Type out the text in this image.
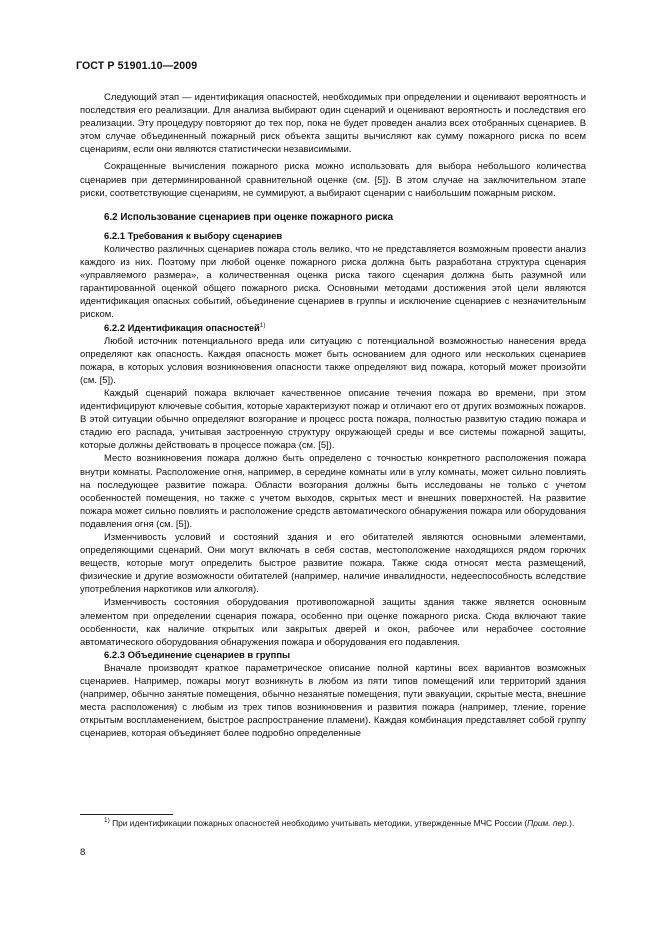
ГОСТ Р 51901.10—2009

Следующий этап — идентификация опасностей, необходимых при определении и оценивают вероятность и последствия его реализации. Для анализа выбирают один сценарий и оценивают вероятность и последствия его реализации. Эту процедуру повторяют до тех пор, пока не будет проведен анализ всех отобранных сценариев. В этом случае объединенный пожарный риск объекта защиты вычисляют как сумму пожарного риска по всем сценариям, если они являются статистически независимыми.

Сокращенные вычисления пожарного риска можно использовать для выбора небольшого количества сценариев при детерминированной сравнительной оценке (см. [5]). В этом случае на заключительном этапе риски, соответствующие сценариям, не суммируют, а выбирают сценарии с наибольшим пожарным риском.

6.2 Использование сценариев при оценке пожарного риска

6.2.1 Требования к выбору сценариев

Количество различных сценариев пожара столь велико, что не представляется возможным провести анализ каждого из них. Поэтому при любой оценке пожарного риска должна быть разработана структура сценария «управляемого размера», а количественная оценка риска такого сценария должна быть разумной или гарантированной оценкой общего пожарного риска. Основными методами достижения этой цели являются идентификация опасных событий, объединение сценариев в группы и исключение сценариев с незначительным риском.

6.2.2 Идентификация опасностей$^{1)}$

Любой источник потенциального вреда или ситуацию с потенциальной возможностью нанесения вреда определяют как опасность. Каждая опасность может быть основанием для одного или нескольких сценариев пожара, в которых условия возникновения опасности также определяют вид пожара, который может произойти (см. [5]).

Каждый сценарий пожара включает качественное описание течения пожара во времени, при этом идентифицируют ключевые события, которые характеризуют пожар и отличают его от других возможных пожаров. В этой ситуации обычно определяют возгорание и процесс роста пожара, полностью развитую стадию пожара и стадию его распада, учитывая застроенную структуру окружающей среды и все системы пожарной защиты, которые должны действовать в процессе пожара (см. [5]).

Место возникновения пожара должно быть определено с точностью конкретного расположения пожара внутри комнаты. Расположение огня, например, в середине комнаты или в углу комнаты, может сильно повлиять на последующее развитие пожара. Области возгорания должны быть исследованы не только с учетом особенностей помещения, но также с учетом выходов, скрытых мест и внешних поверхностей. На развитие пожара может сильно повлиять и расположение средств автоматического обнаружения пожара или оборудования подавления огня (см. [5]).

Изменчивость условий и состояний здания и его обитателей являются основными элементами, определяющими сценарий. Они могут включать в себя состав, местоположение находящихся рядом горючих веществ, которые могут определить быстрое развитие пожара. Также сюда относят места размещений, физические и другие возможности обитателей (например, наличие инвалидности, недееспособность вследствие употребления наркотиков или алкоголя).

Изменчивость состояния оборудования противопожарной защиты здания также является основным элементом при определении сценария пожара, особенно при оценке пожарного риска. Сюда включают такие особенности, как наличие открытых или закрытых дверей и окон, рабочее или нерабочее состояние автоматического оборудования обнаружения пожара и оборудования его подавления.

6.2.3 Объединение сценариев в группы

Вначале производят краткое параметрическое описание полной картины всех вариантов возможных сценариев. Например, пожары могут возникнуть в любом из пяти типов помещений или территорий здания (например, обычно занятые помещения, обычно незанятые помещения, пути эвакуации, скрытые места, внешние места расположения) с любым из трех типов возникновения и развития пожара (например, тление, горение открытым воспламенением, быстрое распространение пламени). Каждая комбинация представляет собой группу сценариев, которая объединяет более подробно определенные

$^{1)}$ При идентификации пожарных опасностей необходимо учитывать методики, утвержденные МЧС России (Прим. пер.).

8
